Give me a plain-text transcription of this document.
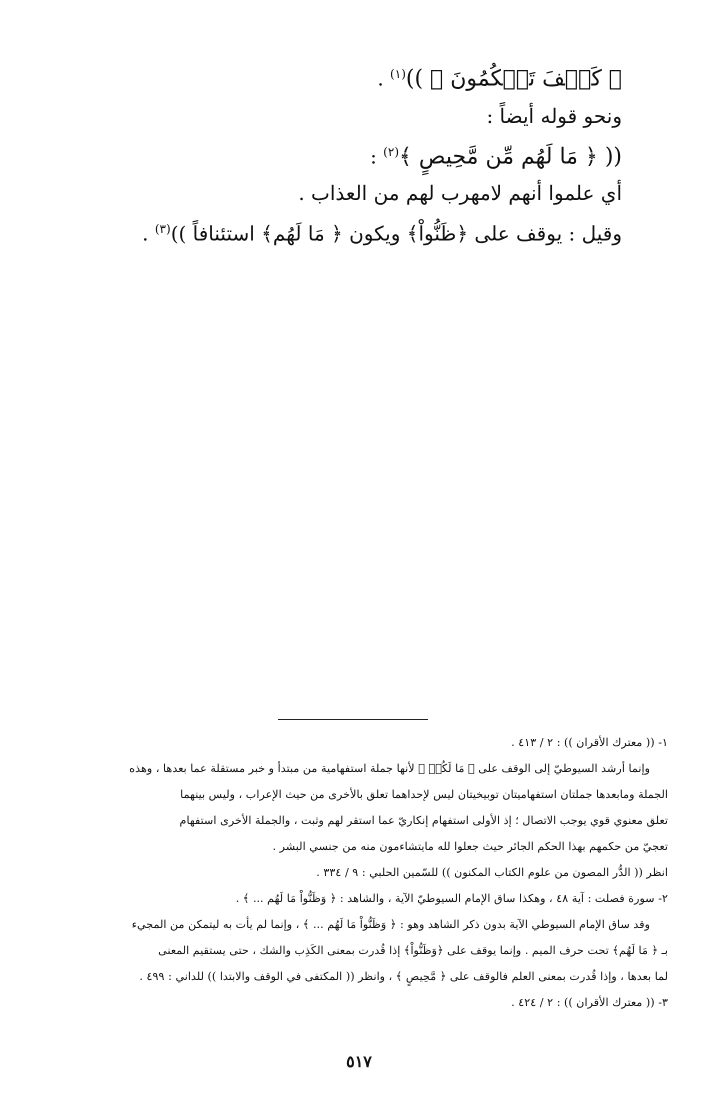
﴿ كَيۡفَ تَحۡكُمُونَ ﴾ ))$^{(١)}$ .

ونحو قوله أيضاً :

(( ﴿ مَا لَهُم مِّن مَّحِيصٍ ﴾$^{(٢)}$ :

أي علموا أنهم لامهرب لهم من العذاب .

وقيل : يوقف على ﴿ظَنُّواْ﴾ ويكون ﴿ مَا لَهُم﴾ استئنافاً ))$^{(٣)}$ .

١- (( معترك الأقران )) : ٢ / ٤١٣ .

وإنما أرشد السيوطيّ إلى الوقف على ﴿ مَا لَكُمۡ ﴾ لأنها جملة استفهامية من مبتدأ و خبر مستقلة عما بعدها ، وهذه

الجملة ومابعدها جملتان استفهاميتان توبيخيتان ليس لإحداهما تعلق بالأخرى من حيث الإعراب ، وليس بينهما

تعلق معنوي قوي يوجب الاتصال ؛ إذ الأولى استفهام إنكاريّ عما استقر لهم وثبت ، والجملة الأخرى استفهام

تعجيّ من حكمهم بهذا الحكم الجائر حيث جعلوا لله مايتشاءمون منه من جنسي البشر .

انظر (( الدُّر المصون من علوم الكتاب المكنون )) للسّمين الحلبي : ٩ / ٣٣٤ .

٢- سورة فصلت : آية ٤٨ ، وهكذا ساق الإمام السيوطيّ الآية ، والشاهد : ﴿ وَظَنُّواْ مَا لَهُم ... ﴾ .

وقد ساق الإمام السيوطي الآية بدون ذكر الشاهد وهو : ﴿ وَظَنُّواْ مَا لَهُم ... ﴾ ، وإنما لم يأت به ليتمكن من المجيء

بـ ﴿ مَا لَهُم﴾ تحت حرف الميم . وإنما يوقف على ﴿وَظَنُّواْ﴾ إذا قُدرت بمعنى الكَذِب والشك ، حتى يستقيم المعنى

لما بعدها ، وإذا قُدرت بمعنى العلم فالوقف على ﴿ مَّحِيصٍ ﴾ ، وانظر (( المكتفى في الوقف والابتدا )) للداني : ٤٩٩ .

٣- (( معترك الأقران )) : ٢ / ٤٢٤ .

٥١٧
